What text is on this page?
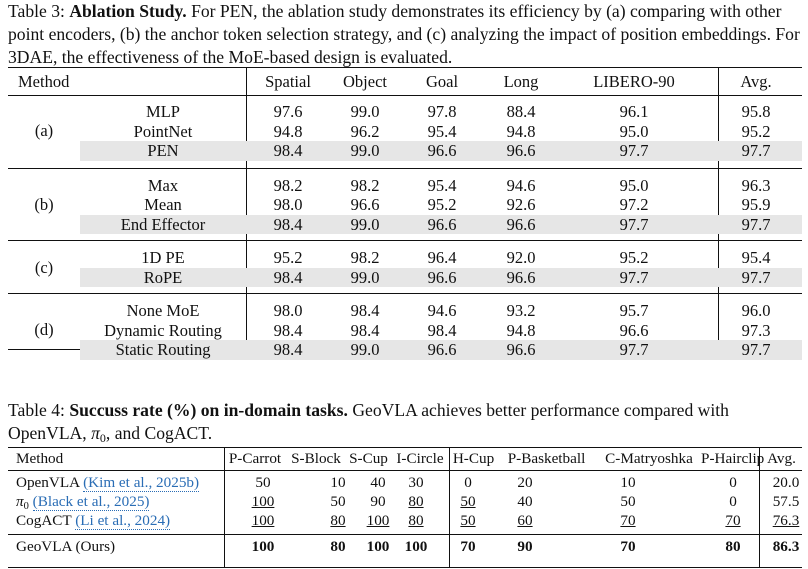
Table 3: Ablation Study. For PEN, the ablation study demonstrates its efficiency by (a) comparing with other point encoders, (b) the anchor token selection strategy, and (c) analyzing the impact of position embeddings. For 3DAE, the effectiveness of the MoE-based design is evaluated.
Method	Spatial	Object	Goal	Long	LIBERO-90	Avg.
(a)
MLP	97.6	99.0	97.8	88.4	96.1	95.8
PointNet	94.8	96.2	95.4	94.8	95.0	95.2
PEN	98.4	99.0	96.6	96.6	97.7	97.7
(b)
Max	98.2	98.2	95.4	94.6	95.0	96.3
Mean	98.0	96.6	95.2	92.6	97.2	95.9
End Effector	98.4	99.0	96.6	96.6	97.7	97.7
(c)	1D PE	95.2	98.2	96.4	92.0	95.2	95.4
RoPE	98.4	99.0	96.6	96.6	97.7	97.7
(d)
None MoE	98.0	98.4	94.6	93.2	95.7	96.0
Dynamic Routing	98.4	98.4	98.4	94.8	96.6	97.3
Static Routing	98.4	99.0	96.6	96.6	97.7	97.7
Table 4: Succuss rate (%) on in-domain tasks. GeoVLA achieves better performance compared with OpenVLA, $\pi_0$, and CogACT.
Method	P-Carrot S-Block S-Cup I-Circle H-Cup P-Basketball	C-Matryoshka P-Hairclip Avg.
OpenVLA (Kim et al., 2025b)	50	10	40	30	0	20	10	0	20.0
$\pi_0$ (Black et al., 2025)	100	50	90	80	50	40	50	0	57.5
CogACT (Li et al., 2024)	100	80	100	80	50	60	70	70	76.3
GeoVLA (Ours)	100	80	100	100	70	90	70	80	86.3
